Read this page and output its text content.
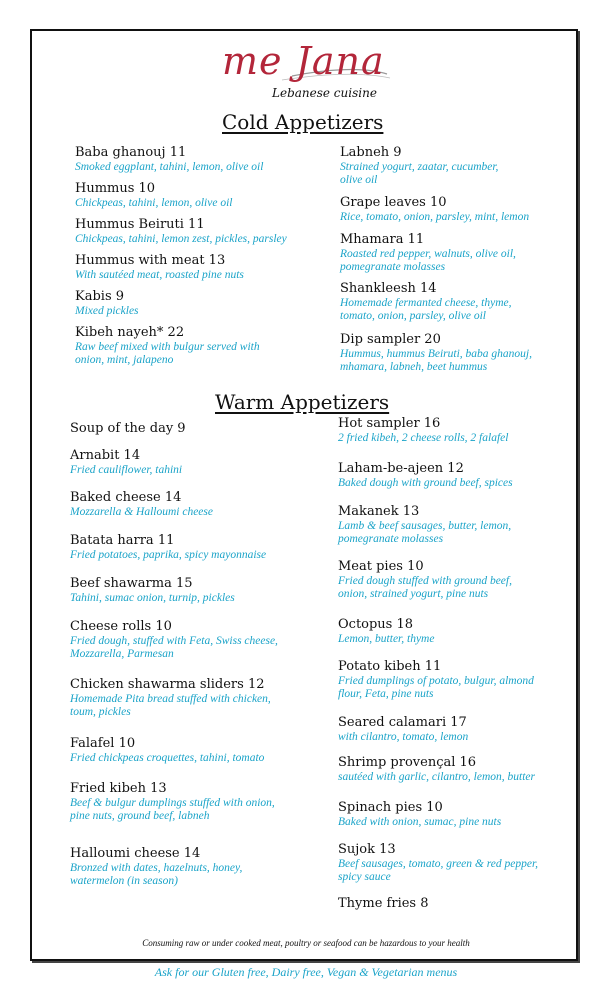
me Jana
Lebanese cuisine
Cold Appetizers
Baba ghanouj 11
Smoked eggplant, tahini, lemon, olive oil
Hummus 10
Chickpeas, tahini, lemon, olive oil
Hummus Beiruti 11
Chickpeas, tahini, lemon zest, pickles, parsley
Hummus with meat 13
With sautéed meat, roasted pine nuts
Kabis 9
Mixed pickles
Kibeh nayeh* 22
Raw beef mixed with bulgur served with
onion, mint, jalapeno
Labneh 9
Strained yogurt, zaatar, cucumber,
olive oil
Grape leaves 10
Rice, tomato, onion, parsley, mint, lemon
Mhamara 11
Roasted red pepper, walnuts, olive oil,
pomegranate molasses
Shankleesh 14
Homemade fermanted cheese, thyme,
tomato, onion, parsley, olive oil
Dip sampler 20
Hummus, hummus Beiruti, baba ghanouj,
mhamara, labneh, beet hummus
Warm Appetizers
Soup of the day 9
Arnabit 14
Fried cauliflower, tahini
Baked cheese 14
Mozzarella & Halloumi cheese
Batata harra 11
Fried potatoes, paprika, spicy mayonnaise
Beef shawarma 15
Tahini, sumac onion, turnip, pickles
Cheese rolls 10
Fried dough, stuffed with Feta, Swiss cheese,
Mozzarella, Parmesan
Chicken shawarma sliders 12
Homemade Pita bread stuffed with chicken,
toum, pickles
Falafel 10
Fried chickpeas croquettes, tahini, tomato
Fried kibeh 13
Beef & bulgur dumplings stuffed with onion,
pine nuts, ground beef, labneh
Halloumi cheese 14
Bronzed with dates, hazelnuts, honey,
watermelon (in season)
Hot sampler 16
2 fried kibeh, 2 cheese rolls, 2 falafel
Laham-be-ajeen 12
Baked dough with ground beef, spices
Makanek 13
Lamb & beef sausages, butter, lemon,
pomegranate molasses
Meat pies 10
Fried dough stuffed with ground beef,
onion, strained yogurt, pine nuts
Octopus 18
Lemon, butter, thyme
Potato kibeh 11
Fried dumplings of potato, bulgur, almond
flour, Feta, pine nuts
Seared calamari 17
with cilantro, tomato, lemon
Shrimp provençal 16
sautéed with garlic, cilantro, lemon, butter
Spinach pies 10
Baked with onion, sumac, pine nuts
Sujok 13
Beef sausages, tomato, green & red pepper,
spicy sauce
Thyme fries 8
Consuming raw or under cooked meat, poultry or seafood can be hazardous to your health
Ask for our Gluten free, Dairy free, Vegan & Vegetarian menus
